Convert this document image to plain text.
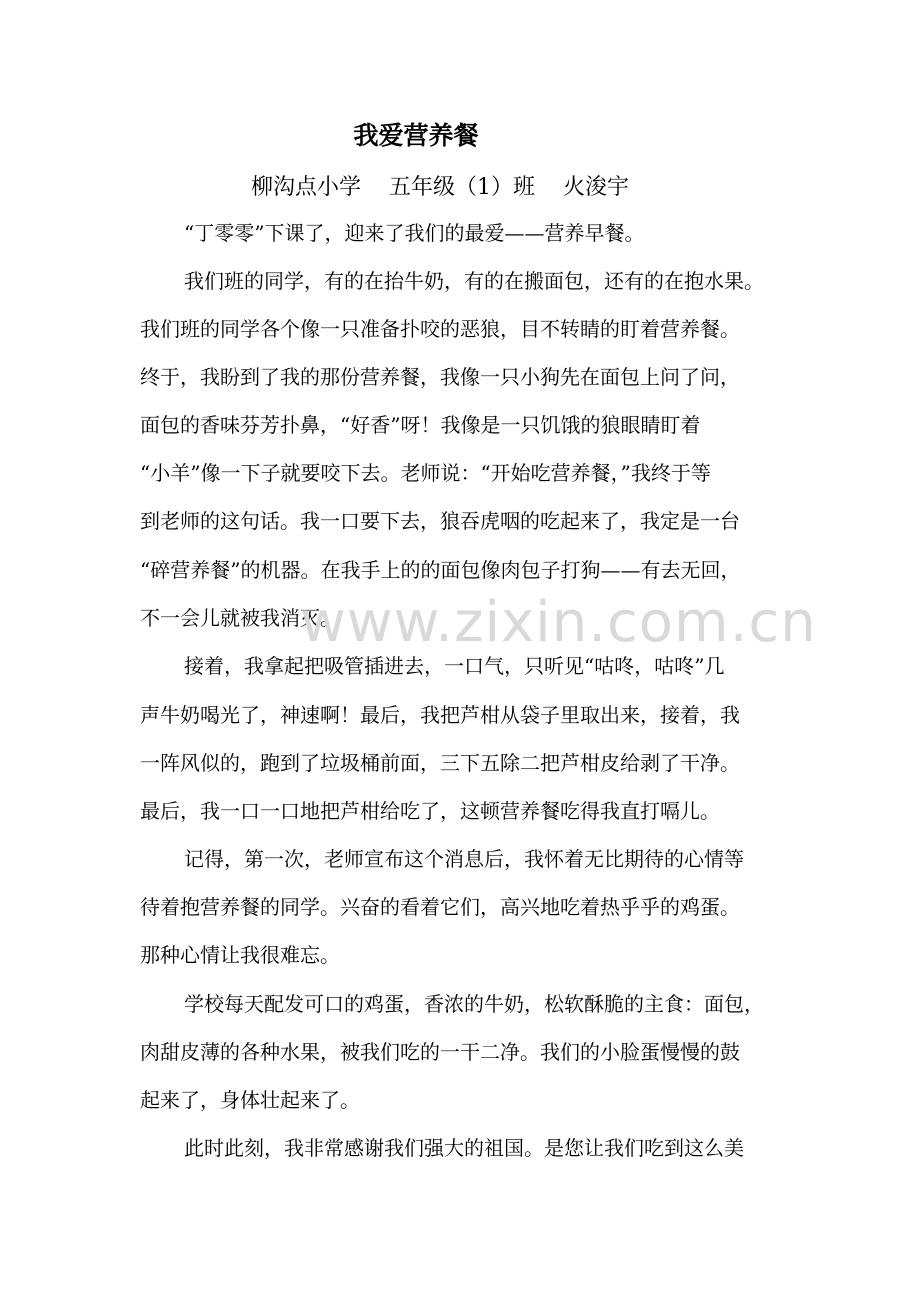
我爱营养餐
柳沟点小学    五年级（1）班    火浚宇
“丁零零”下课了，迎来了我们的最爱——营养早餐。
我们班的同学，有的在抬牛奶，有的在搬面包，还有的在抱水果。
我们班的同学各个像一只准备扑咬的恶狼，目不转睛的盯着营养餐。
终于，我盼到了我的那份营养餐，我像一只小狗先在面包上问了问，
面包的香味芬芳扑鼻，“好香”呀！我像是一只饥饿的狼眼睛盯着
“小羊”像一下子就要咬下去。老师说：“开始吃营养餐，”我终于等
到老师的这句话。我一口要下去，狼吞虎咽的吃起来了，我定是一台
“碎营养餐”的机器。在我手上的的面包像肉包子打狗——有去无回，
不一会儿就被我消灭。
接着，我拿起把吸管插进去，一口气，只听见“咕咚，咕咚”几
声牛奶喝光了，神速啊！最后，我把芦柑从袋子里取出来，接着，我
一阵风似的，跑到了垃圾桶前面，三下五除二把芦柑皮给剥了干净。
最后，我一口一口地把芦柑给吃了，这顿营养餐吃得我直打嗝儿。
记得，第一次，老师宣布这个消息后，我怀着无比期待的心情等
待着抱营养餐的同学。兴奋的看着它们，高兴地吃着热乎乎的鸡蛋。
那种心情让我很难忘。
学校每天配发可口的鸡蛋，香浓的牛奶，松软酥脆的主食：面包，
肉甜皮薄的各种水果，被我们吃的一干二净。我们的小脸蛋慢慢的鼓
起来了，身体壮起来了。
此时此刻，我非常感谢我们强大的祖国。是您让我们吃到这么美
www.zixin.com.cn
